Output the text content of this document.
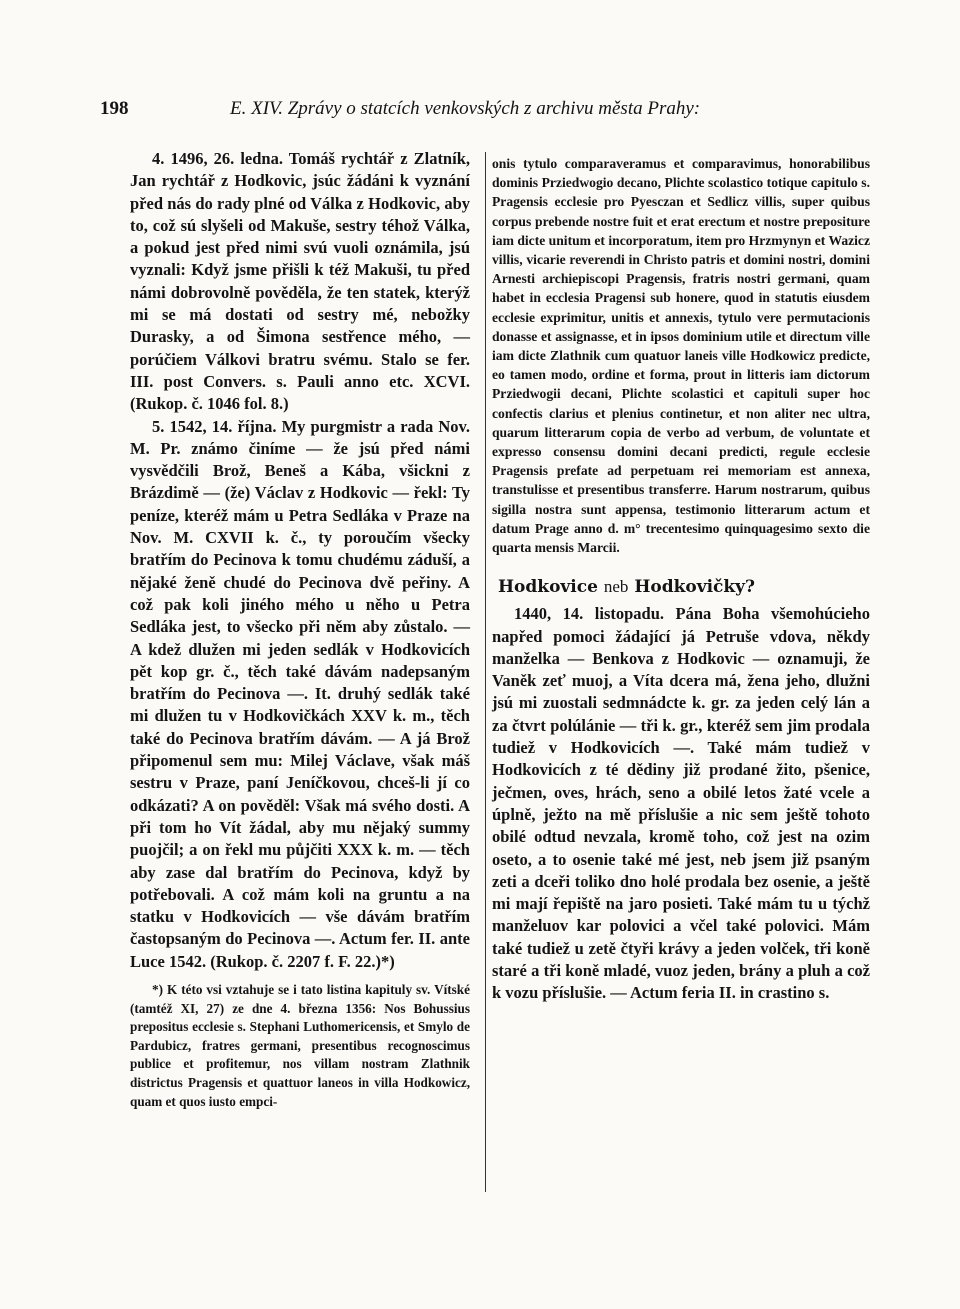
198	E. XIV. Zprávy o statcích venkovských z archivu města Prahy:

4. 1496, 26. ledna. Tomáš rychtář z Zlatník, Jan rychtář z Hodkovic, jsúc žádáni k vyznání před nás do rady plné od Válka z Hodkovic, aby to, což sú slyšeli od Makuše, sestry téhož Válka, a pokud jest před nimi svú vuoli oznámila, jsú vyznali: Když jsme přišli k též Makuši, tu před námi dobrovolně pověděla, že ten statek, kterýž mi se má dostati od sestry mé, nebožky Durasky, a od Šimona sestřence mého, — porúčiem Válkovi bratru svému. Stalo se fer. III. post Convers. s. Pauli anno etc. XCVI. (Rukop. č. 1046 fol. 8.)

5. 1542, 14. října. My purgmistr a rada Nov. M. Pr. známo činíme — že jsú před námi vysvědčili Brož, Beneš a Kába, všickni z Brázdimě — (že) Václav z Hodkovic — řekl: Ty peníze, kteréž mám u Petra Sedláka v Praze na Nov. M. CXVII k. č., ty poroučím všecky bratřím do Pecinova k tomu chudému záduší, a nějaké ženě chudé do Pecinova dvě peřiny. A což pak koli jiného mého u něho u Petra Sedláka jest, to všecko při něm aby zůstalo. — A kdež dlužen mi jeden sedlák v Hodkovicích pět kop gr. č., těch také dávám nadepsaným bratřím do Pecinova —. It. druhý sedlák také mi dlužen tu v Hodkovičkách XXV k. m., těch také do Pecinova bratřím dávám. — A já Brož připomenul sem mu: Milej Václave, však máš sestru v Praze, paní Jeníčkovou, chceš-li jí co odkázati? A on pověděl: Však má svého dosti. A při tom ho Vít žádal, aby mu nějaký summy puojčil; a on řekl mu půjčiti XXX k. m. — těch aby zase dal bratřím do Pecinova, když by potřebovali. A což mám koli na gruntu a na statku v Hodkovicích — vše dávám bratřím častopsaným do Pecinova —. Actum fer. II. ante Luce 1542. (Rukop. č. 2207 f. F. 22.)*)

*) K této vsi vztahuje se i tato listina kapituly sv. Vítské (tamtéž XI, 27) ze dne 4. března 1356: Nos Bohussius prepositus ecclesie s. Stephani Luthomericensis, et Smylo de Pardubicz, fratres germani, presentibus recognoscimus publice et profitemur, nos villam nostram Zlathnik districtus Pragensis et quattuor laneos in villa Hodkowicz, quam et quos iusto empci-

onis tytulo comparaveramus et comparavimus, honorabilibus dominis Prziedwogio decano, Plichte scolastico totique capitulo s. Pragensis ecclesie pro Pyesczan et Sedlicz villis, super quibus corpus prebende nostre fuit et erat erectum et nostre prepositure iam dicte unitum et incorporatum, item pro Hrzmynyn et Wazicz villis, vicarie reverendi in Christo patris et domini nostri, domini Arnesti archiepiscopi Pragensis, fratris nostri germani, quam habet in ecclesia Pragensi sub honere, quod in statutis eiusdem ecclesie exprimitur, unitis et annexis, tytulo vere permutacionis donasse et assignasse, et in ipsos dominium utile et directum ville iam dicte Zlathnik cum quatuor laneis ville Hodkowicz predicte, eo tamen modo, ordine et forma, prout in litteris iam dictorum Prziedwogii decani, Plichte scolastici et capituli super hoc confectis clarius et plenius continetur, et non aliter nec ultra, quarum litterarum copia de verbo ad verbum, de voluntate et expresso consensu domini decani predicti, regule ecclesie Pragensis prefate ad perpetuam rei memoriam est annexa, transtulisse et presentibus transferre. Harum nostrarum, quibus sigilla nostra sunt appensa, testimonio litterarum actum et datum Prage anno d. m° trecentesimo quinquagesimo sexto die quarta mensis Marcii.

Hodkovice neb Hodkovičky?

1440, 14. listopadu. Pána Boha všemohúcieho napřed pomoci žádající já Petruše vdova, někdy manželka — Benkova z Hodkovic — oznamuji, že Vaněk zeť muoj, a Víta dcera má, žena jeho, dlužni jsú mi zuostali sedmnádcte k. gr. za jeden celý lán a za čtvrt polúlánie — tři k. gr., kteréž sem jim prodala tudiež v Hodkovicích —. Také mám tudiež v Hodkovicích z té dědiny již prodané žito, pšenice, ječmen, oves, hrách, seno a obilé letos žaté vcele a úplně, ježto na mě příslušie a nic sem ještě tohoto obilé odtud nevzala, kromě toho, což jest na ozim oseto, a to osenie také mé jest, neb jsem již psaným zeti a dceři toliko dno holé prodala bez osenie, a ještě mi mají řepiště na jaro posieti. Také mám tu u týchž manželuov kar polovici a včel také polovici. Mám také tudiež u zetě čtyři krávy a jeden volček, tři koně staré a tři koně mladé, vuoz jeden, brány a pluh a což k vozu příslušie. — Actum feria II. in crastino s.
